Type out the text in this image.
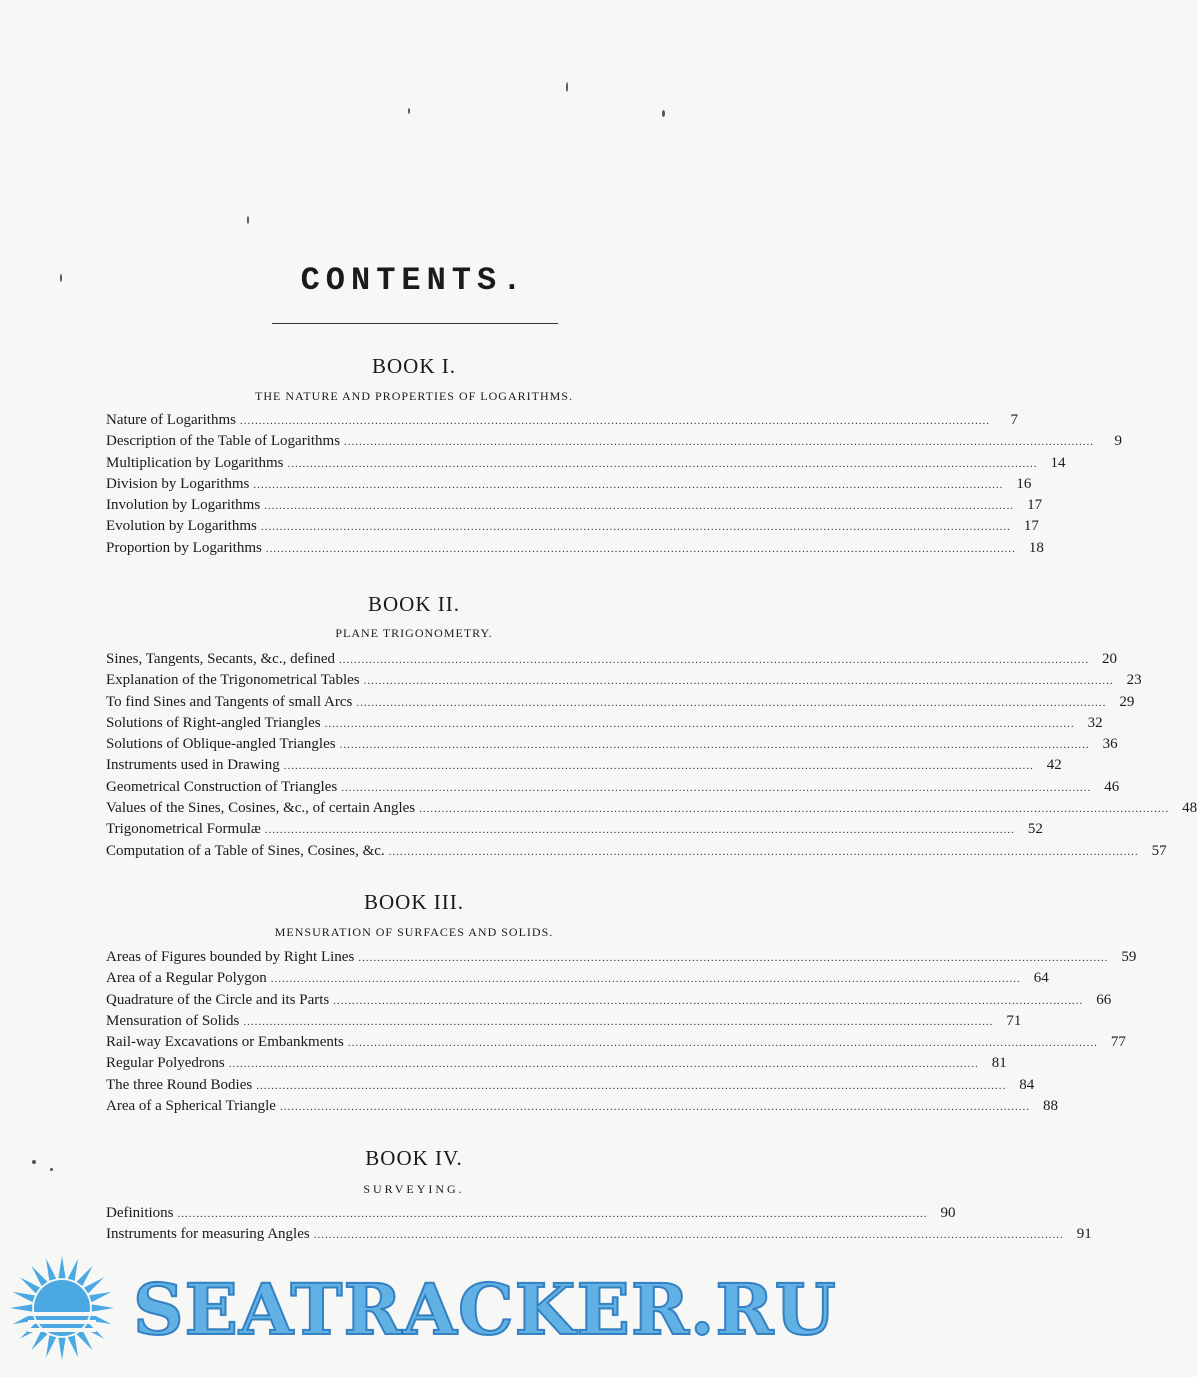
CONTENTS.
BOOK I.
THE NATURE AND PROPERTIES OF LOGARITHMS.
Nature of Logarithms ........................................................................................................................................................................................................	7
Description of the Table of Logarithms ........................................................................................................................................................................................................	9
Multiplication by Logarithms ........................................................................................................................................................................................................ 14
Division by Logarithms ........................................................................................................................................................................................................ 16
Involution by Logarithms ........................................................................................................................................................................................................ 17
Evolution by Logarithms ........................................................................................................................................................................................................ 17
Proportion by Logarithms ........................................................................................................................................................................................................ 18
BOOK II.
PLANE TRIGONOMETRY.
Sines, Tangents, Secants, &c., defined ........................................................................................................................................................................................................ 20
Explanation of the Trigonometrical Tables ........................................................................................................................................................................................................ 23
To find Sines and Tangents of small Arcs ........................................................................................................................................................................................................ 29
Solutions of Right-angled Triangles ........................................................................................................................................................................................................ 32
Solutions of Oblique-angled Triangles ........................................................................................................................................................................................................ 36
Instruments used in Drawing ........................................................................................................................................................................................................ 42
Geometrical Construction of Triangles ........................................................................................................................................................................................................ 46
Values of the Sines, Cosines, &c., of certain Angles ........................................................................................................................................................................................................ 48
Trigonometrical Formulæ ........................................................................................................................................................................................................ 52
Computation of a Table of Sines, Cosines, &c. ........................................................................................................................................................................................................ 57
BOOK III.
MENSURATION OF SURFACES AND SOLIDS.
Areas of Figures bounded by Right Lines ........................................................................................................................................................................................................ 59
Area of a Regular Polygon ........................................................................................................................................................................................................ 64
Quadrature of the Circle and its Parts ........................................................................................................................................................................................................ 66
Mensuration of Solids ........................................................................................................................................................................................................ 71
Rail-way Excavations or Embankments ........................................................................................................................................................................................................ 77
Regular Polyedrons ........................................................................................................................................................................................................ 81
The three Round Bodies ........................................................................................................................................................................................................ 84
Area of a Spherical Triangle ........................................................................................................................................................................................................ 88
BOOK IV.
SURVEYING.
Definitions ........................................................................................................................................................................................................ 90
Instruments for measuring Angles ........................................................................................................................................................................................................ 91
SEATRACKER.RU
